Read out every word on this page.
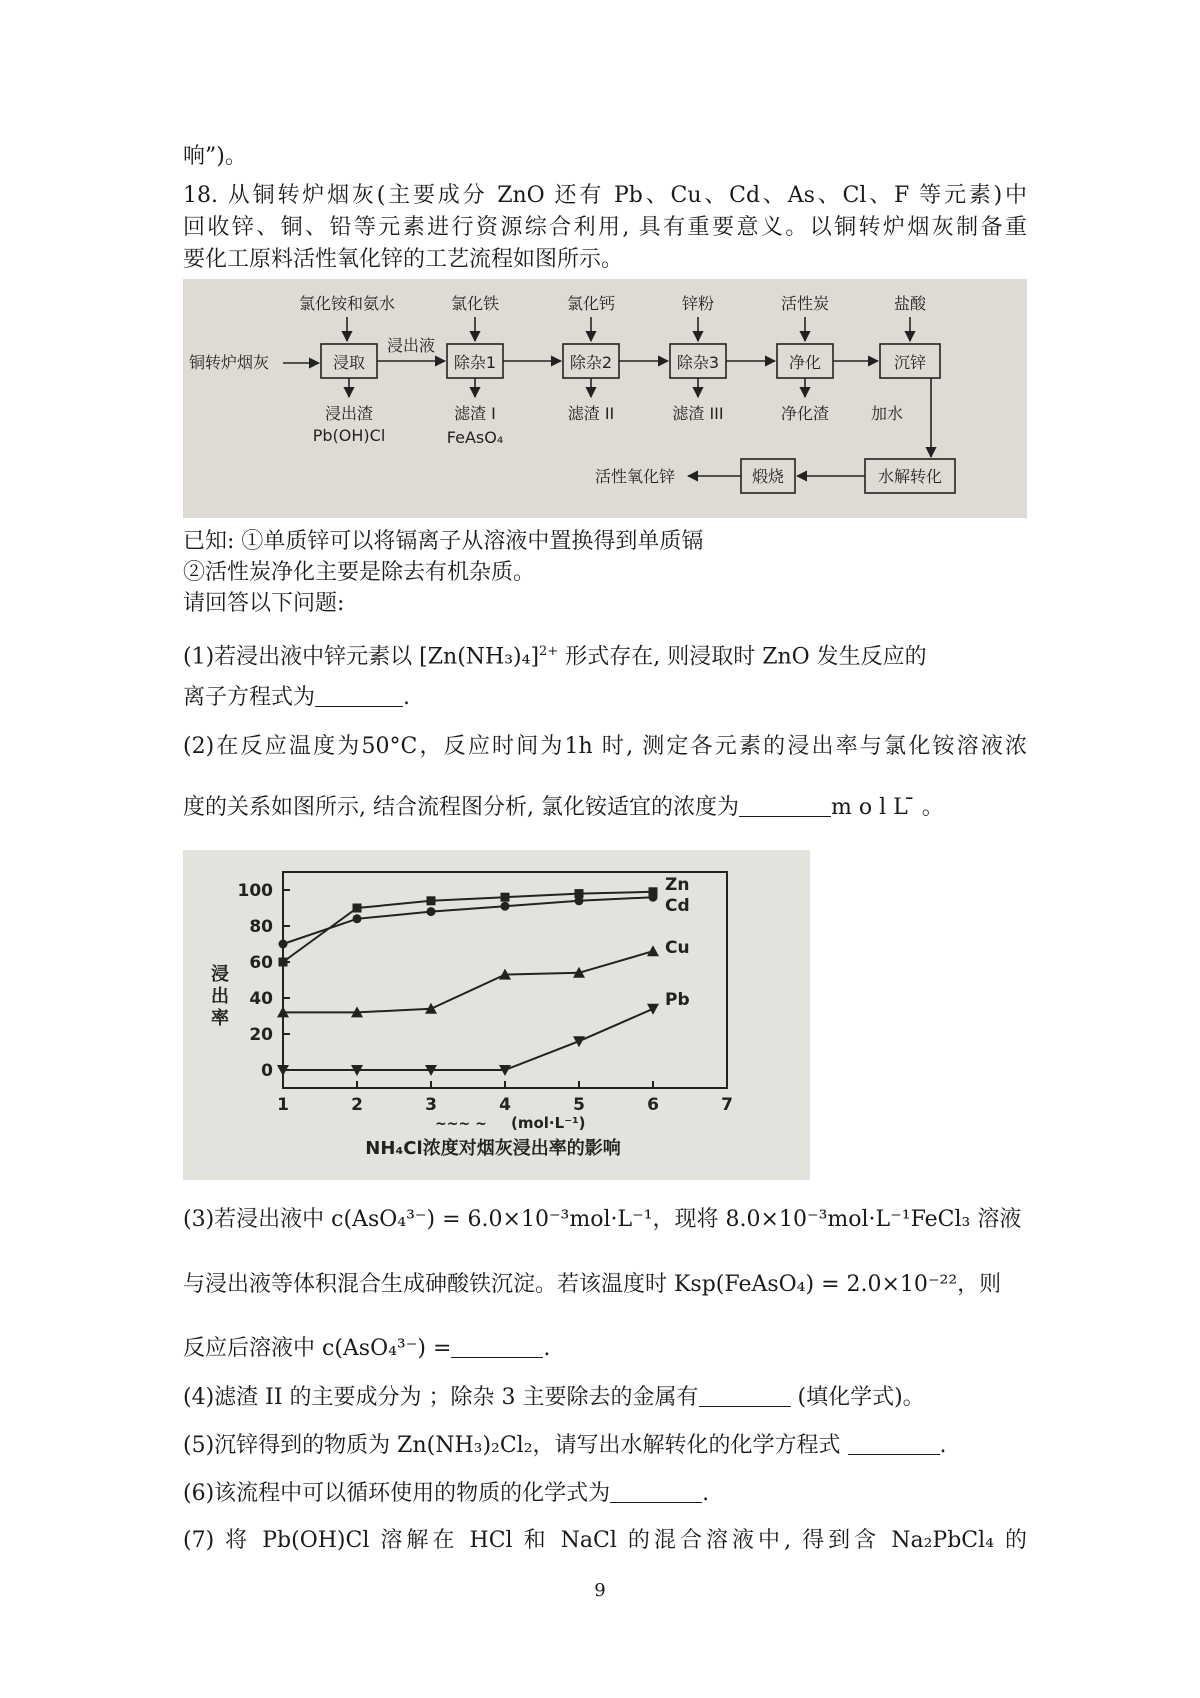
响”)。
18. 从铜转炉烟灰(主要成分 ZnO 还有 Pb、Cu、Cd、As、Cl、F 等元素)中
回收锌、铜、铅等元素进行资源综合利用, 具有重要意义。以铜转炉烟灰制备重
要化工原料活性氧化锌的工艺流程如图所示。
氯化铵和氨水	氯化铁	氯化钙	锌粉	活性炭	盐酸
铜转炉烟灰	浸取	除杂1	除杂2	除杂3	净化	沉锌
浸出液
浸出渣
Pb(OH)Cl
滤渣 I
FeAsO₄
滤渣 II	滤渣 III	净化渣	加水
水解转化
煅烧
活性氧化锌
已知: ①单质锌可以将镉离子从溶液中置换得到单质镉
②活性炭净化主要是除去有机杂质。
请回答以下问题:
(1)若浸出液中锌元素以 $[Zn(NH_3)_4]^{2+}$ 形式存在, 则浸取时 ZnO 发生反应的
离子方程式为	.
(2)在反应温度为50°C，反应时间为1h 时, 测定各元素的浸出率与氯化铵溶液浓
度的关系如图所示, 结合流程图分析, 氯化铵适宜的浓度为	m o l L ̄ 。
0
20
40
60
80
100
1	2	3	4	5	6	7
Zn
Cd
Cu
Pb
浸出率
~~~ ~ (mol·L⁻¹)
NH₄Cl浓度对烟灰浸出率的影响
(3)若浸出液中 c(AsO₄³⁻) = 6.0×10⁻³mol·L⁻¹，现将 8.0×10⁻³mol·L⁻¹FeCl₃ 溶液
与浸出液等体积混合生成砷酸铁沉淀。若该温度时 Ksp(FeAsO₄) = 2.0×10⁻²²，则
反应后溶液中 c(AsO₄³⁻) =	.
(4)滤渣 II 的主要成分为 ；除杂 3 主要除去的金属有	(填化学式)。
(5)沉锌得到的物质为 Zn(NH₃)₂Cl₂，请写出水解转化的化学方程式	.
(6)该流程中可以循环使用的物质的化学式为	.
(7) 将 Pb(OH)Cl 溶解在 HCl 和 NaCl 的混合溶液中, 得到含 Na₂PbCl₄ 的
9
